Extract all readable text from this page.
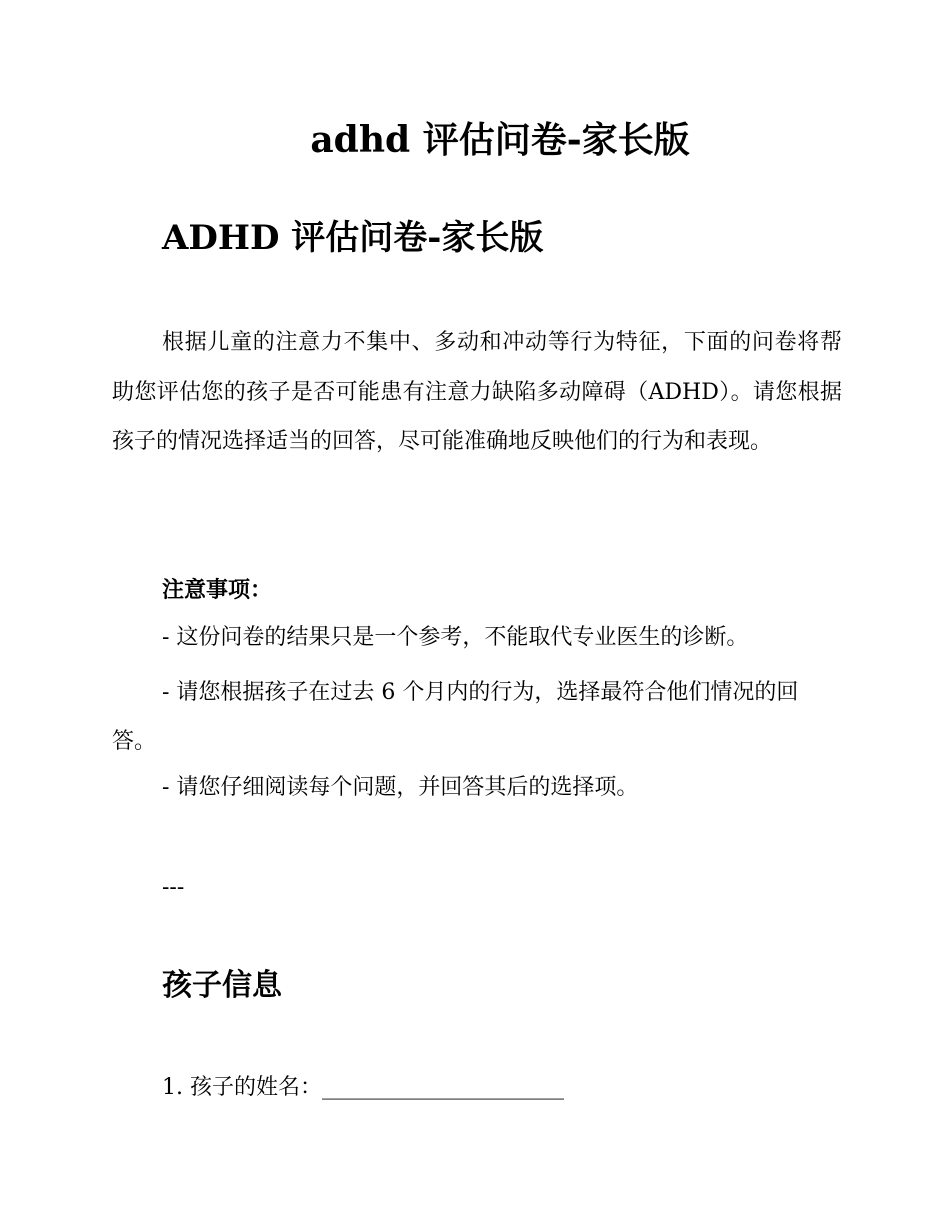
adhd 评估问卷-家长版
ADHD 评估问卷-家长版

根据儿童的注意力不集中、多动和冲动等行为特征，下面的问卷将帮助您评估您的孩子是否可能患有注意力缺陷多动障碍（ADHD）。请您根据孩子的情况选择适当的回答，尽可能准确地反映他们的行为和表现。

注意事项：

- 这份问卷的结果只是一个参考，不能取代专业医生的诊断。

- 请您根据孩子在过去 6 个月内的行为，选择最符合他们情况的回答。

- 请您仔细阅读每个问题，并回答其后的选择项。

---

孩子信息

1. 孩子的姓名：______________________
